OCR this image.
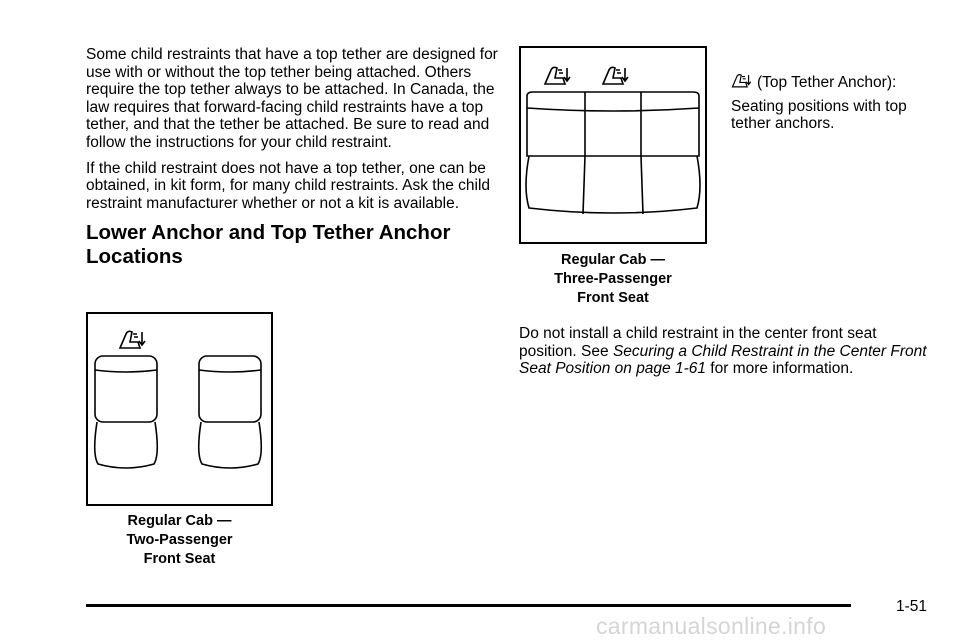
Some child restraints that have a top tether are designed for use with or without the top tether being attached. Others require the top tether always to be attached. In Canada, the law requires that forward-facing child restraints have a top tether, and that the tether be attached. Be sure to read and follow the instructions for your child restraint.

If the child restraint does not have a top tether, one can be obtained, in kit form, for many child restraints. Ask the child restraint manufacturer whether or not a kit is available.

Lower Anchor and Top Tether Anchor Locations
Regular Cab —
Two-Passenger
Front Seat
Regular Cab —
Three-Passenger
Front Seat
(Top Tether Anchor):

Seating positions with top tether anchors.

Do not install a child restraint in the center front seat position. See Securing a Child Restraint in the Center Front Seat Position on page 1-61 for more information.

1-51
carmanualsonline.info
